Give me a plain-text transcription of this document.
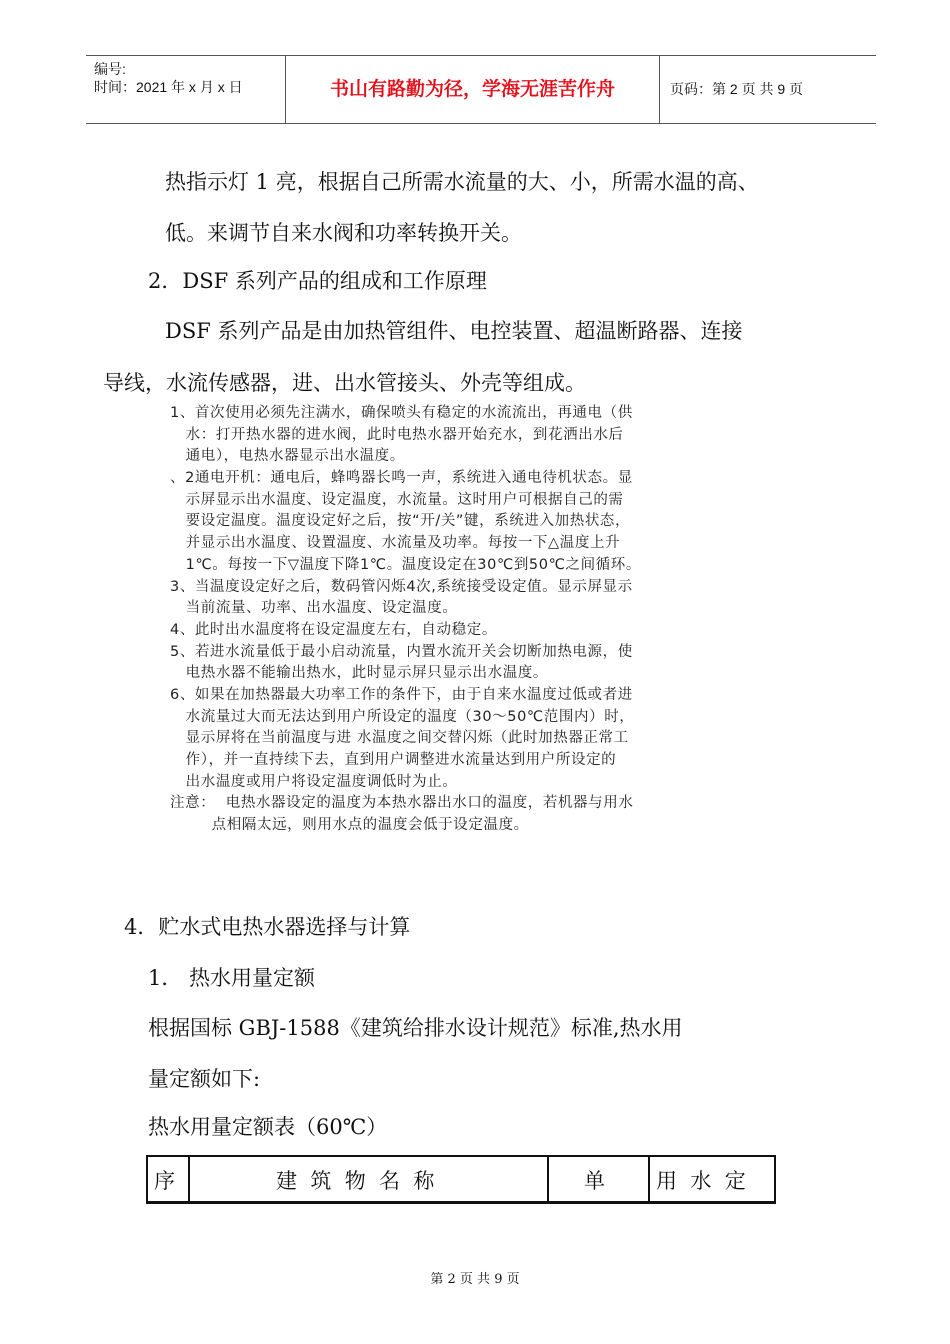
编号:
时间：2021 年 x 月 x 日	书山有路勤为径，学海无涯苦作舟	页码：第 2 页 共 9 页
热指示灯 1 亮，根据自己所需水流量的大、小，所需水温的高、
低。来调节自来水阀和功率转换开关。
2．DSF 系列产品的组成和工作原理
DSF 系列产品是由加热管组件、电控装置、超温断路器、连接
导线，水流传感器，进、出水管接头、外壳等组成。
1、首次使用必须先注满水，确保喷头有稳定的水流流出，再通电（供
水：打开热水器的进水阀，此时电热水器开始充水，到花洒出水后
通电），电热水器显示出水温度。
、2通电开机：通电后，蜂鸣器长鸣一声，系统进入通电待机状态。显
示屏显示出水温度、设定温度，水流量。这时用户可根据自己的需
要设定温度。温度设定好之后，按“开/关”键，系统进入加热状态，
并显示出水温度、设置温度、水流量及功率。每按一下△温度上升
1℃。每按一下▽温度下降1℃。温度设定在30℃到50℃之间循环。
3、当温度设定好之后，数码管闪烁4次,系统接受设定值。显示屏显示
当前流量、功率、出水温度、设定温度。
4、此时出水温度将在设定温度左右，自动稳定。
5、若进水流量低于最小启动流量，内置水流开关会切断加热电源，使
电热水器不能输出热水，此时显示屏只显示出水温度。
6、如果在加热器最大功率工作的条件下，由于自来水温度过低或者进
水流量过大而无法达到用户所设定的温度（30～50℃范围内）时，
显示屏将在当前温度与进 水温度之间交替闪烁（此时加热器正常工
作），并一直持续下去，直到用户调整进水流量达到用户所设定的
出水温度或用户将设定温度调低时为止。
注意：  电热水器设定的温度为本热水器出水口的温度，若机器与用水
点相隔太远，则用水点的温度会低于设定温度。
4．贮水式电热水器选择与计算
1． 热水用量定额
根据国标 GBJ-1588《建筑给排水设计规范》标准,热水用
量定额如下:
热水用量定额表（60℃）
序	建  筑  物  名  称	单 用  水  定
第 2 页 共 9 页
